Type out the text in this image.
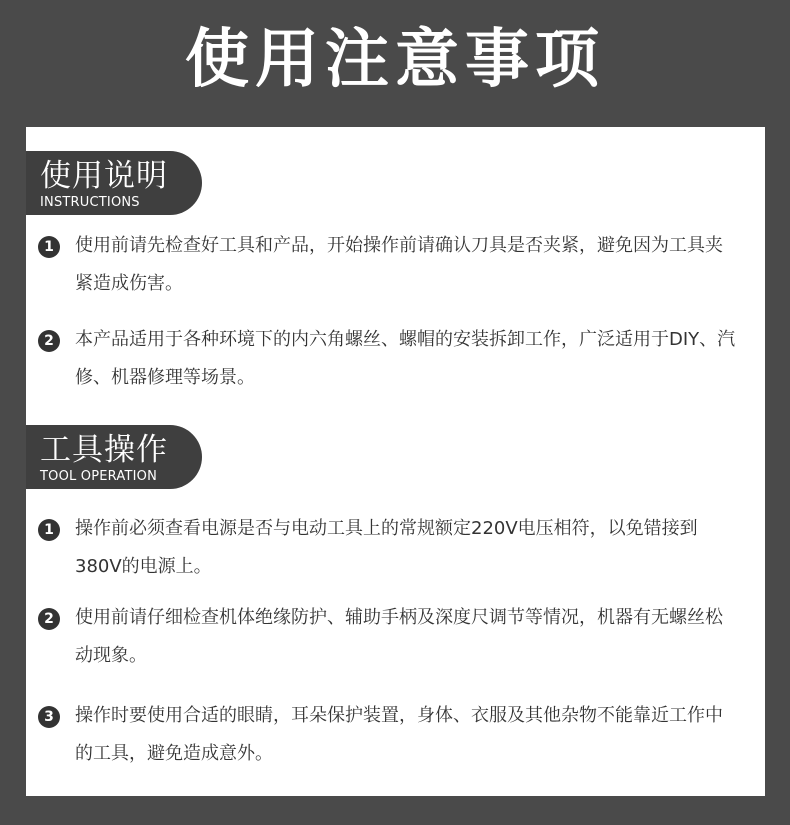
使用注意事项
使用说明
INSTRUCTIONS
1	使用前请先检查好工具和产品，开始操作前请确认刀具是否夹紧，避免因为工具夹紧造成伤害。
2	本产品适用于各种环境下的内六角螺丝、螺帽的安装拆卸工作，广泛适用于DIY、汽修、机器修理等场景。
工具操作
TOOL OPERATION
1	操作前必须查看电源是否与电动工具上的常规额定220V电压相符，以免错接到380V的电源上。
2	使用前请仔细检查机体绝缘防护、辅助手柄及深度尺调节等情况，机器有无螺丝松动现象。
3	操作时要使用合适的眼睛，耳朵保护装置，身体、衣服及其他杂物不能靠近工作中的工具，避免造成意外。
